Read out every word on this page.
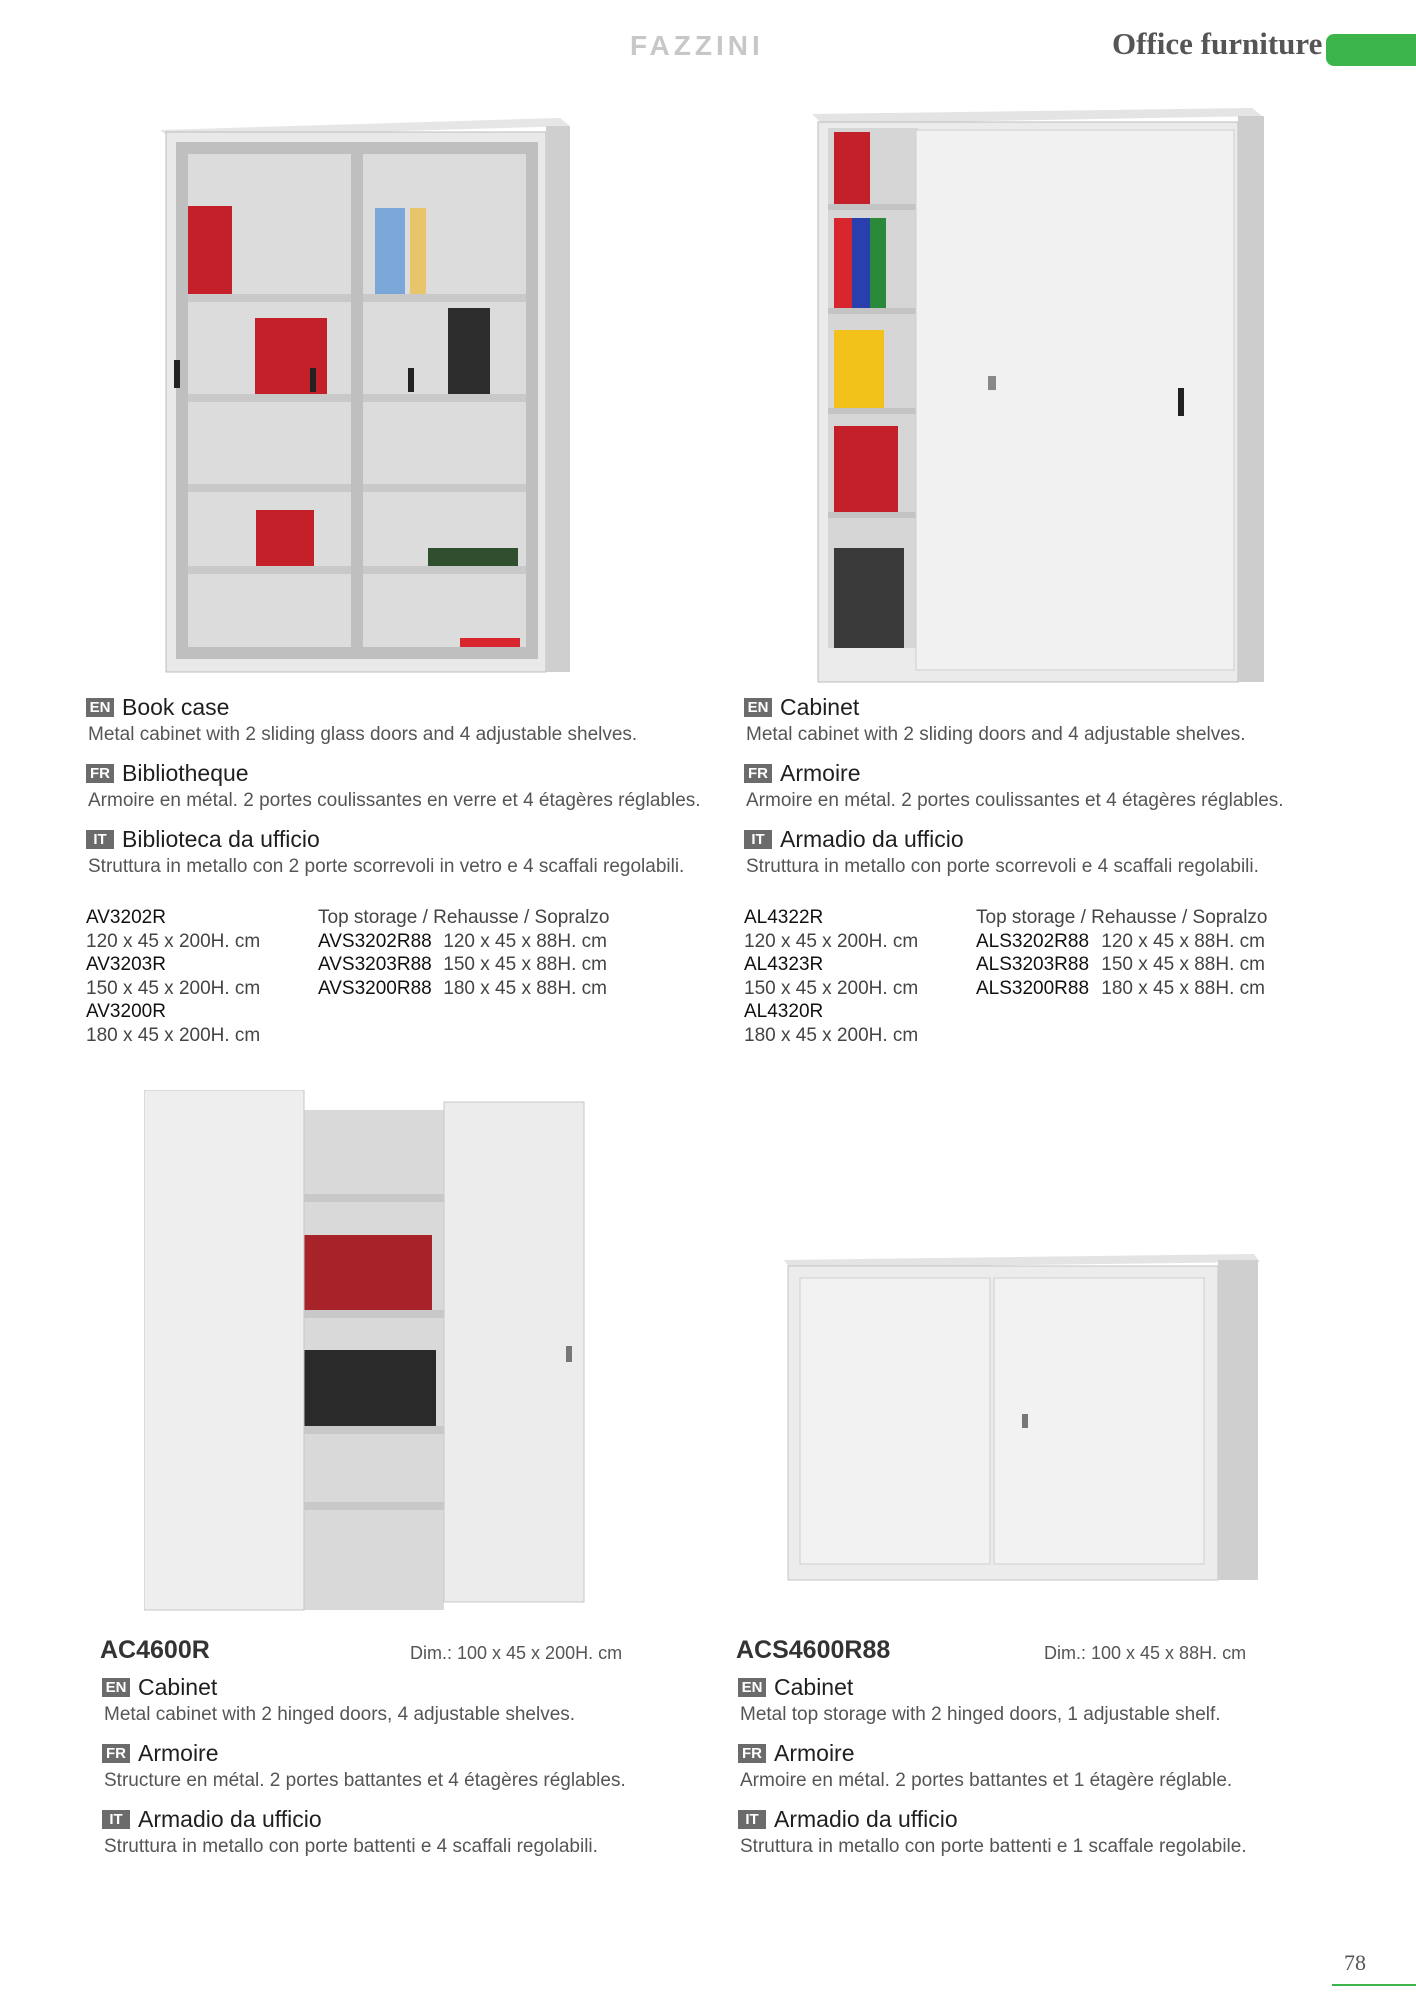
FAZZINI	Office furniture
EN Book case
Metal cabinet with 2 sliding glass doors and 4 adjustable shelves.
FR Bibliotheque
Armoire en métal. 2 portes coulissantes en verre et 4 étagères réglables.
IT Biblioteca da ufficio
Struttura in metallo con 2 porte scorrevoli in vetro e 4 scaffali regolabili.
AV3202R
120 x 45 x 200H. cm
AV3203R
150 x 45 x 200H. cm
AV3200R
180 x 45 x 200H. cm
Top storage / Rehausse / Sopralzo
AVS3202R88
120 x 45 x 88H. cm
AVS3203R88
150 x 45 x 88H. cm
AVS3200R88
180 x 45 x 88H. cm
EN Cabinet
Metal cabinet with 2 sliding doors and 4 adjustable shelves.
FR Armoire
Armoire en métal. 2 portes coulissantes et 4 étagères réglables.
IT Armadio da ufficio
Struttura in metallo con porte scorrevoli e 4 scaffali regolabili.
AL4322R
120 x 45 x 200H. cm
AL4323R
150 x 45 x 200H. cm
AL4320R
180 x 45 x 200H. cm
Top storage / Rehausse / Sopralzo
ALS3202R88
120 x 45 x 88H. cm
ALS3203R88
150 x 45 x 88H. cm
ALS3200R88
180 x 45 x 88H. cm
AC4600R	Dim.: 100 x 45 x 200H. cm
EN Cabinet
Metal cabinet with 2 hinged doors, 4 adjustable shelves.
FR Armoire
Structure en métal. 2 portes battantes et 4 étagères réglables.
IT Armadio da ufficio
Struttura in metallo con porte battenti e 4 scaffali regolabili.
ACS4600R88	Dim.: 100 x 45 x 88H. cm
EN Cabinet
Metal top storage with 2 hinged doors, 1 adjustable shelf.
FR Armoire
Armoire en métal. 2 portes battantes et 1 étagère réglable.
IT Armadio da ufficio
Struttura in metallo con porte battenti e 1 scaffale regolabile.
78
